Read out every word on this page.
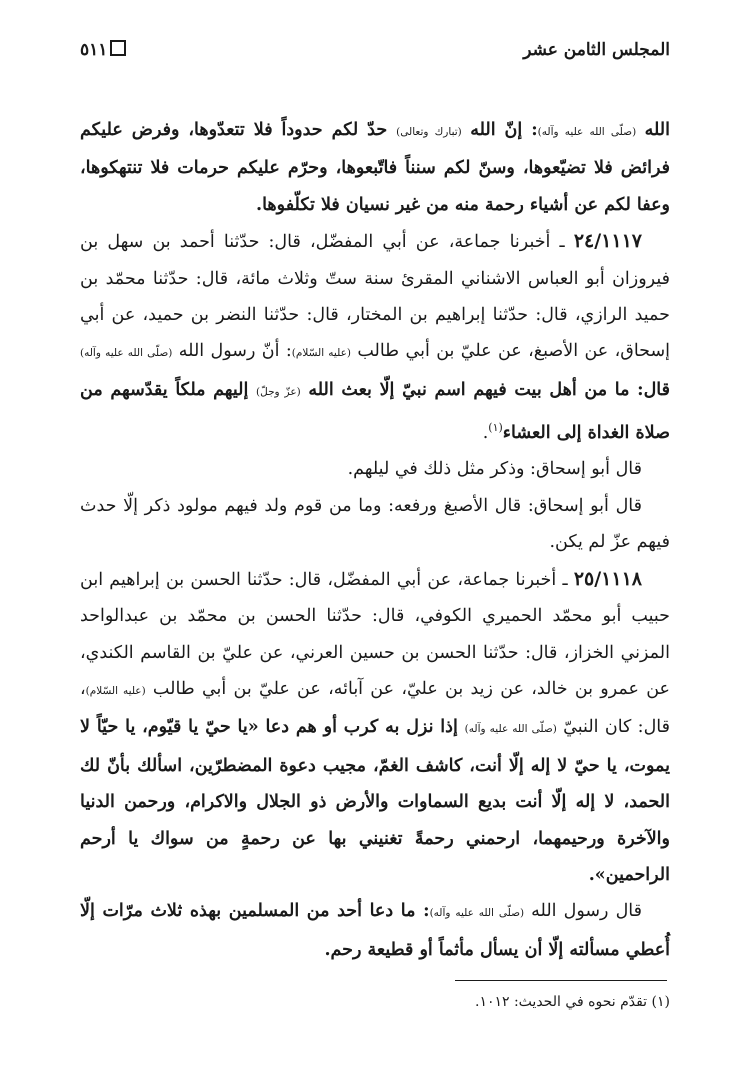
المجلس الثامن عشر
٥١١

الله (صلّى الله عليه وآله): إنّ الله (تبارك وتعالى) حدّ لكم حدوداً فلا تتعدّوها، وفرض عليكم فرائض فلا تضيّعوها، وسنّ لكم سنناً فاتّبعوها، وحرّم عليكم حرمات فلا تنتهكوها، وعفا لكم عن أشياء رحمة منه من غير نسيان فلا تكلّفوها.

٢٤/١١١٧ ـ أخبرنا جماعة، عن أبي المفضّل، قال: حدّثنا أحمد بن سهل بن فيروزان أبو العباس الاشناني المقرئ سنة ستّ وثلاث مائة، قال: حدّثنا محمّد بن حميد الرازي، قال: حدّثنا إبراهيم بن المختار، قال: حدّثنا النضر بن حميد، عن أبي إسحاق، عن الأصبغ، عن عليّ بن أبي طالب (عليه السّلام): أنّ رسول الله (صلّى الله عليه وآله) قال: ما من أهل بيت فيهم اسم نبيّ إلّا بعث الله (عزّ وجلّ) إليهم ملكاً يقدّسهم من صلاة الغداة إلى العشاء$^{(١)}$.

قال أبو إسحاق: وذكر مثل ذلك في ليلهم.

قال أبو إسحاق: قال الأصبغ ورفعه: وما من قوم ولد فيهم مولود ذكر إلّا حدث فيهم عزّ لم يكن.

٢٥/١١١٨ ـ أخبرنا جماعة، عن أبي المفضّل، قال: حدّثنا الحسن بن إبراهيم ابن حبيب أبو محمّد الحميري الكوفي، قال: حدّثنا الحسن بن محمّد بن عبدالواحد المزني الخزاز، قال: حدّثنا الحسن بن حسين العرني، عن عليّ بن القاسم الكندي، عن عمرو بن خالد، عن زيد بن عليّ، عن آبائه، عن عليّ بن أبي طالب (عليه السّلام)، قال: كان النبيّ (صلّى الله عليه وآله) إذا نزل به كرب أو هم دعا «يا حيّ يا قيّوم، يا حيّاً لا يموت، يا حيّ لا إله إلّا أنت، كاشف الغمّ، مجيب دعوة المضطرّين، اسألك بأنّ لك الحمد، لا إله إلّا أنت بديع السماوات والأرض ذو الجلال والاكرام، ورحمن الدنيا والآخرة ورحيمهما، ارحمني رحمةً تغنيني بها عن رحمةٍ من سواك يا أرحم الراحمين».

قال رسول الله (صلّى الله عليه وآله): ما دعا أحد من المسلمين بهذه ثلاث مرّات إلّا أُعطي مسألته إلّا أن يسأل مأثماً أو قطيعة رحم.

(١) تقدّم نحوه في الحديث: ١٠١٢.
